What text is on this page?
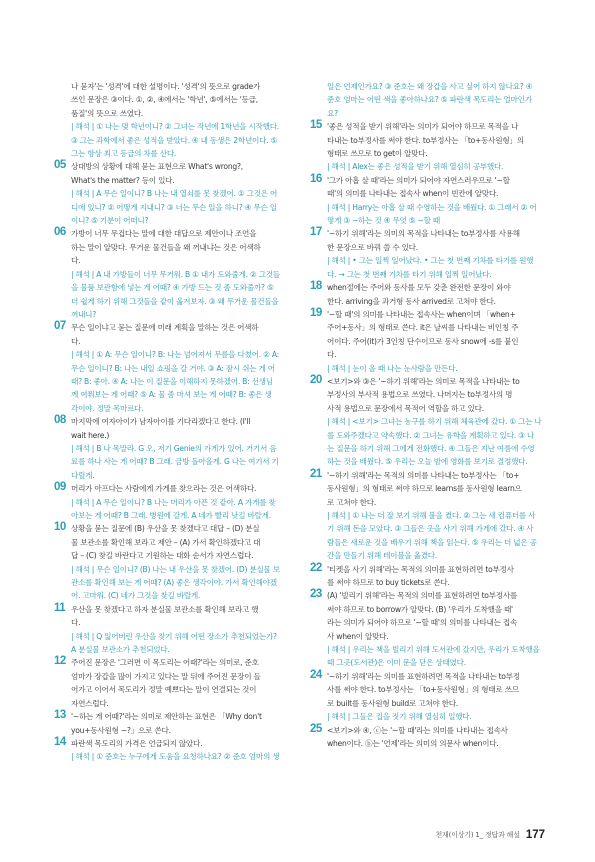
나 묻자'는 '성격'에 대한 설명이다. '성격'의 뜻으로 grade가
쓰인 문장은 ③이다. ①, ②, ④에서는 '학년', ⑤에서는 '등급,
품질'의 뜻으로 쓰였다.
| 해석 | ① 나는 몇 학년이니? ② 그녀는 작년에 1학년을 시작했다.
③ 그는 과학에서 좋은 성적을 받았다. ④ 내 동생은 2학년이다. ⑤
그는 항상 최고 등급의 차를 산다.
05 상대방의 상황에 대해 묻는 표현으로 What's wrong?,
What's the matter? 등이 있다.
| 해석 | A 무슨 일이니? B 나는 내 열쇠를 못 찾겠어. ① 그것은 어
디에 있니? ② 어떻게 지내니? ③ 너는 무슨 일을 하니? ④ 무슨 일
이니? ⑤ 기분이 어떠니?
06 가방이 너무 무겁다는 말에 대한 대답으로 제안이나 조언을
하는 말이 알맞다. 무거운 물건들을 왜 꺼내냐는 것은 어색하
다.
| 해석 | A 내 가방들이 너무 무거워. B ① 내가 도와줄게. ② 그것들
을 물품 보관함에 넣는 게 어때? ④ 가방 드는 것 좀 도와줄까? ⑤
더 쉽게 하기 위해 그것들을 같이 옮겨보자. ③ 왜 무거운 물건들을
꺼내니?
07 무슨 일이냐고 묻는 질문에 미래 계획을 말하는 것은 어색하
다.
| 해석 | ① A: 무슨 일이니? B: 나는 넘어져서 무릎을 다쳤어. ② A:
무슨 일이니? B: 나는 내일 쇼핑을 갈 거야. ③ A: 잠시 쉬는 게 어
때? B: 좋아. ④ A: 나는 이 질문을 이해하지 못하겠어. B: 선생님
께 여쭤보는 게 어때? ⑤ A: 물 좀 마셔 보는 게 어때? B: 좋은 생
각이야. 정말 목마르다.
08 마지막에 여자아이가 남자아이를 기다리겠다고 한다. (I'll
wait here.)
| 해석 | B 나 목말라. G 오, 저기 Genie의 가게가 있어. 거기서 음
료를 하나 사는 게 어때? B 그래. 금방 돌아올게. G 나는 여기서 기
다릴게.
09 머리가 아프다는 사람에게 가게를 찾으라는 것은 어색하다.
| 해석 | A 무슨 일이니? B 나는 머리가 아픈 것 같아. A 가게를 찾
아보는 게 어때? B 그래. 병원에 갈게. A 네가 빨리 낫길 바랄게.
10 상황을 묻는 질문에 (B) 우산을 못 찾겠다고 대답 – (D) 분실
물 보관소를 확인해 보라고 제안 – (A) 가서 확인하겠다고 대
답 – (C) 찾길 바란다고 기원하는 대화 순서가 자연스럽다.
| 해석 | 무슨 일이니? (B) 나는 내 우산을 못 찾겠어. (D) 분실물 보
관소를 확인해 보는 게 어때? (A) 좋은 생각이야. 가서 확인해야겠
어. 고마워. (C) 네가 그것을 찾길 바랄게.
11 우산을 못 찾겠다고 하자 분실물 보관소를 확인해 보라고 했
다.
| 해석 | Q 잃어버린 우산을 찾기 위해 어떤 장소가 추천되었는가?
A 분실물 보관소가 추천되었다.
12 주어진 문장은 '그러면 이 목도리는 어때?'라는 의미로, 준호
엄마가 장갑을 많이 가지고 있다는 말 뒤에 주어진 문장이 들
어가고 이어서 목도리가 정말 예쁘다는 말이 연결되는 것이
자연스럽다.
13 '~하는 게 어때?'라는 의미로 제안하는 표현은 「Why don't
you+동사원형 ~?」으로 쓴다.
14 파란색 목도리의 가격은 언급되지 않았다.
| 해석 | ① 준호는 누구에게 도움을 요청하나요? ② 준호 엄마의 생
일은 언제인가요? ③ 준호는 왜 장갑을 사고 싶어 하지 않나요? ④
준호 엄마는 어떤 색을 좋아하나요? ⑤ 파란색 목도리는 얼마인가
요?
15 '좋은 성적을 받기 위해'라는 의미가 되어야 하므로 목적을 나
타내는 to부정사를 써야 한다. to부정사는 「to+동사원형」의
형태로 쓰므로 to get이 알맞다.
| 해석 | Alex는 좋은 성적을 받기 위해 열심히 공부했다.
16 '그가 아홉 살 때'라는 의미가 되어야 자연스러우므로 '~할
때'의 의미를 나타내는 접속사 when이 빈칸에 알맞다.
| 해석 | Harry는 아홉 살 때 수영하는 것을 배웠다. ① 그래서 ② 어
떻게 ③ ~하는 것 ④ 무엇 ⑤ ~할 때
17 '~하기 위해'라는 의미의 목적을 나타내는 to부정사를 사용해
한 문장으로 바꿔 쓸 수 있다.
| 해석 | • 그는 일찍 일어났다. • 그는 첫 번째 기차를 타기를 원했
다. → 그는 첫 번째 기차를 타기 위해 일찍 일어났다.
18 when절에는 주어와 동사를 모두 갖춘 완전한 문장이 와야
한다. arriving을 과거형 동사 arrived로 고쳐야 한다.
19 '~할 때'의 의미를 나타내는 접속사는 when이며 「when+
주어+동사」의 형태로 쓴다. it은 날씨를 나타내는 비인칭 주
어이다. 주어(it)가 3인칭 단수이므로 동사 snow에 -s를 붙인
다.
| 해석 | 눈이 올 때 나는 눈사람을 만든다.
20 <보기>와 ③은 '~하기 위해'라는 의미로 목적을 나타내는 to
부정사의 부사적 용법으로 쓰였다. 나머지는 to부정사의 명
사적 용법으로 문장에서 목적어 역할을 하고 있다.
| 해석 | <보기> 그녀는 농구를 하기 위해 체육관에 갔다. ① 그는 나
를 도와주겠다고 약속했다. ② 그녀는 유학을 계획하고 있다. ③ 나
는 질문을 하기 위해 그에게 전화했다. ④ 그들은 지난 여름에 수영
하는 것을 배웠다. ⑤ 우리는 오늘 밤에 영화를 보기로 결정했다.
21 '~하기 위해'라는 목적의 의미를 나타내는 to부정사는 「to+
동사원형」의 형태로 써야 하므로 learns를 동사원형 learn으
로 고쳐야 한다.
| 해석 | ① 나는 더 잘 보기 위해 불을 켰다. ② 그는 새 컴퓨터를 사
기 위해 돈을 모았다. ③ 그들은 옷을 사기 위해 가게에 갔다. ④ 사
람들은 새로운 것을 배우기 위해 책을 읽는다. ⑤ 우리는 더 넓은 공
간을 만들기 위해 테이블을 옮겼다.
22 '티켓을 사기 위해'라는 목적의 의미를 표현하려면 to부정사
를 써야 하므로 to buy tickets로 쓴다.
23 (A) '빌리기 위해'라는 목적의 의미를 표현하려면 to부정사를
써야 하므로 to borrow가 알맞다. (B) '우리가 도착했을 때'
라는 의미가 되어야 하므로 '~할 때'의 의미를 나타내는 접속
사 when이 알맞다.
| 해석 | 우리는 책을 빌리기 위해 도서관에 갔지만, 우리가 도착했을
때 그곳(도서관)은 이미 문을 닫은 상태였다.
24 '~하기 위해'라는 의미를 표현하려면 목적을 나타내는 to부정
사를 써야 한다. to부정사는 「to+동사원형」의 형태로 쓰므
로 built를 동사원형 build로 고쳐야 한다.
| 해석 | 그들은 집을 짓기 위해 열심히 일했다.
25 <보기>와 ④, ⓒ는 '~할 때'라는 의미를 나타내는 접속사
when이다. ⓑ는 '언제'라는 의미의 의문사 when이다.
천재(이상기) 1_ 정답과 해설 177
